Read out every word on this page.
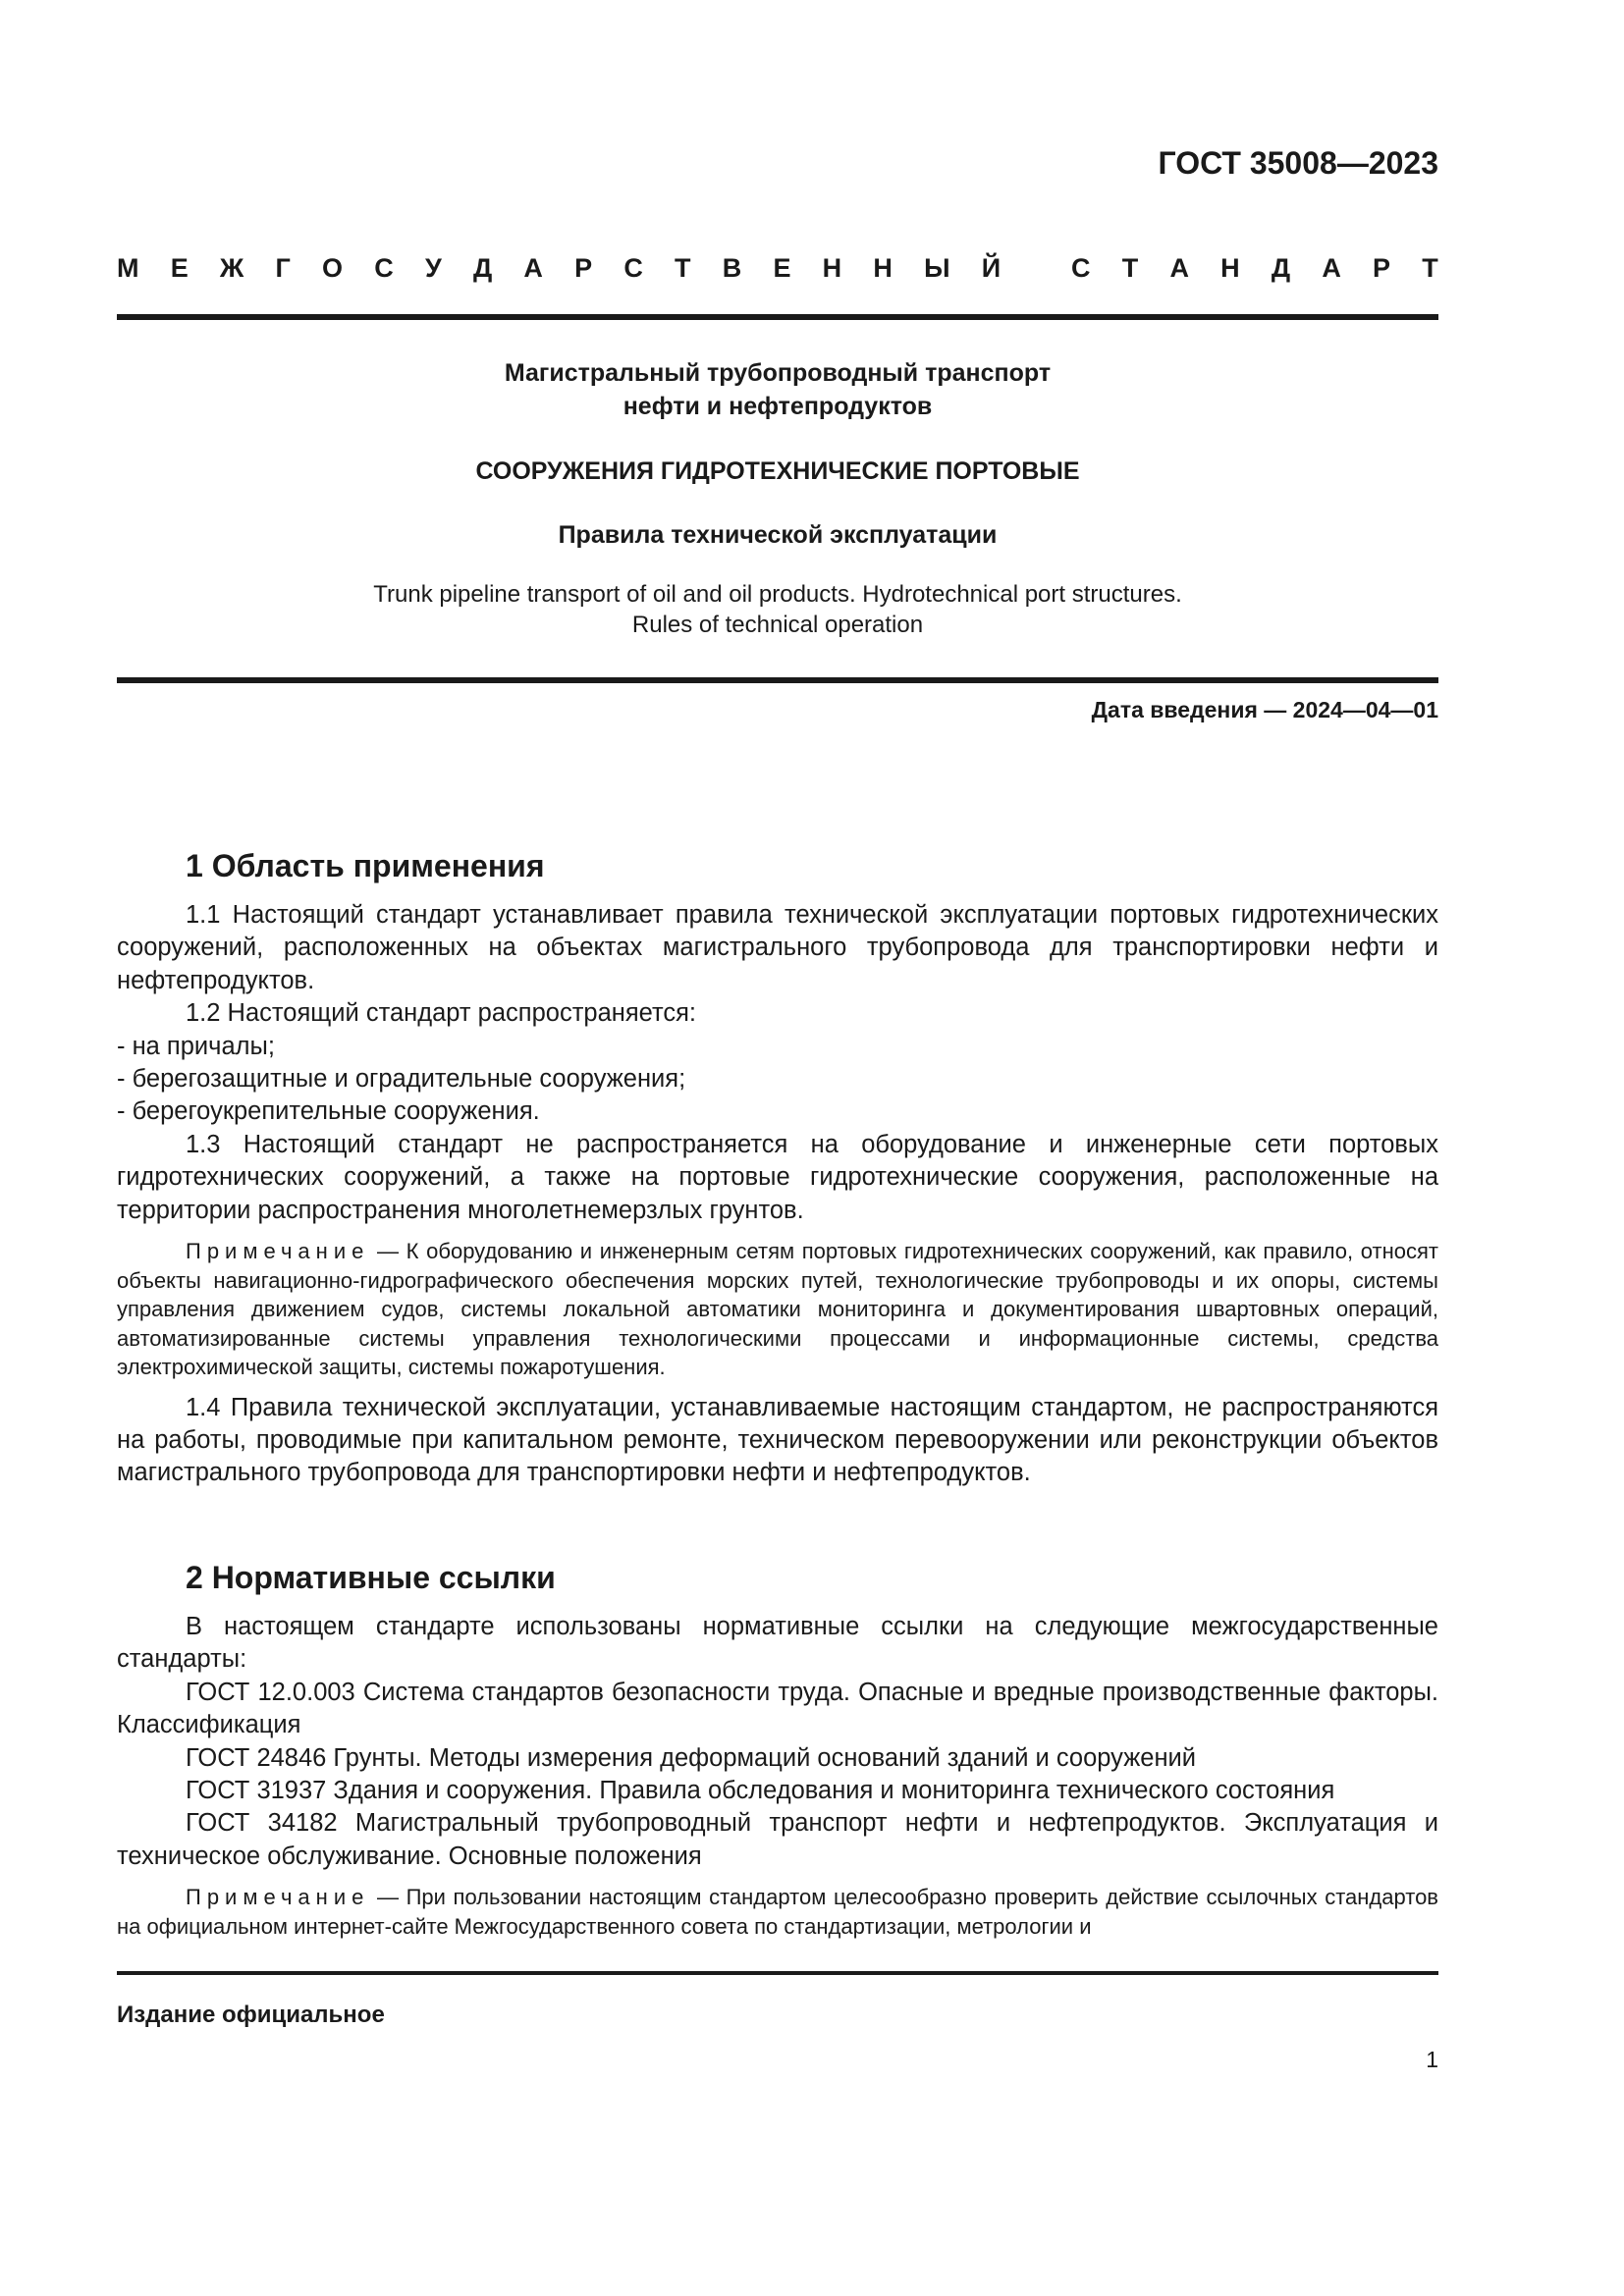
ГОСТ 35008—2023
М Е Ж Г О С У Д А Р С Т В Е Н Н Ы Й
	С Т А Н Д А Р Т
Магистральный трубопроводный транспорт
нефти и нефтепродуктов
СООРУЖЕНИЯ ГИДРОТЕХНИЧЕСКИЕ ПОРТОВЫЕ
Правила технической эксплуатации
Trunk pipeline transport of oil and oil products. Hydrotechnical port structures.
Rules of technical operation
Дата введения — 2024—04—01
1 Область применения

1.1 Настоящий стандарт устанавливает правила технической эксплуатации портовых гидротехнических сооружений, расположенных на объектах магистрального трубопровода для транспортировки нефти и нефтепродуктов.

1.2 Настоящий стандарт распространяется:

- на причалы;

- берегозащитные и оградительные сооружения;

- берегоукрепительные сооружения.

1.3 Настоящий стандарт не распространяется на оборудование и инженерные сети портовых гидротехнических сооружений, а также на портовые гидротехнические сооружения, расположенные на территории распространения многолетнемерзлых грунтов.

Примечание — К оборудованию и инженерным сетям портовых гидротехнических сооружений, как правило, относят объекты навигационно-гидрографического обеспечения морских путей, технологические трубопроводы и их опоры, системы управления движением судов, системы локальной автоматики мониторинга и документирования швартовных операций, автоматизированные системы управления технологическими процессами и информационные системы, средства электрохимической защиты, системы пожаротушения.

1.4 Правила технической эксплуатации, устанавливаемые настоящим стандартом, не распространяются на работы, проводимые при капитальном ремонте, техническом перевооружении или реконструкции объектов магистрального трубопровода для транспортировки нефти и нефтепродуктов.

2 Нормативные ссылки

В настоящем стандарте использованы нормативные ссылки на следующие межгосударственные стандарты:

ГОСТ 12.0.003 Система стандартов безопасности труда. Опасные и вредные производственные факторы. Классификация

ГОСТ 24846 Грунты. Методы измерения деформаций оснований зданий и сооружений

ГОСТ 31937 Здания и сооружения. Правила обследования и мониторинга технического состояния

ГОСТ 34182 Магистральный трубопроводный транспорт нефти и нефтепродуктов. Эксплуатация и техническое обслуживание. Основные положения

Примечание — При пользовании настоящим стандартом целесообразно проверить действие ссылочных стандартов на официальном интернет-сайте Межгосударственного совета по стандартизации, метрологии и

Издание официальное
1
